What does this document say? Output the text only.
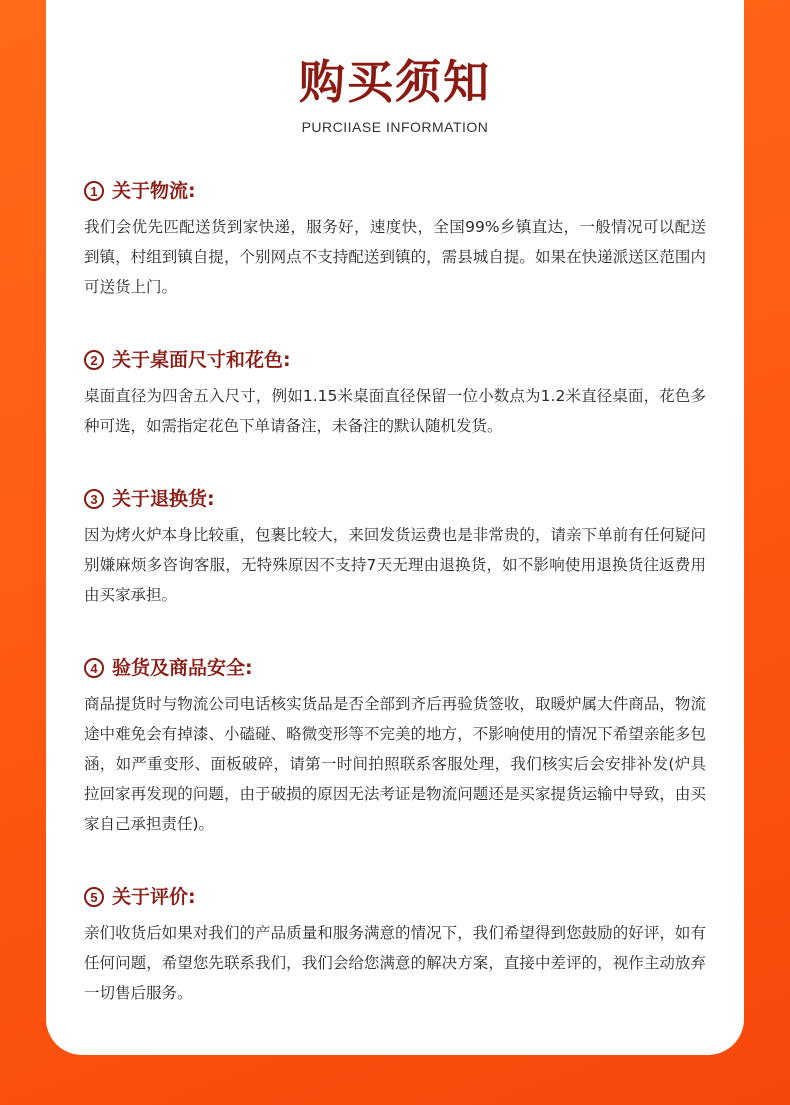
购买须知
PURCIIASE INFORMATION
1 关于物流:

我们会优先匹配送货到家快递，服务好，速度快，全国99%乡镇直达，一般情况可以配送到镇，村组到镇自提，个别网点不支持配送到镇的，需县城自提。如果在快递派送区范围内可送货上门。

2 关于桌面尺寸和花色:

桌面直径为四舍五入尺寸，例如1.15米桌面直径保留一位小数点为1.2米直径桌面，花色多种可选，如需指定花色下单请备注，未备注的默认随机发货。

3 关于退换货:

因为烤火炉本身比较重，包裹比较大，来回发货运费也是非常贵的，请亲下单前有任何疑问别嫌麻烦多咨询客服，无特殊原因不支持7天无理由退换货，如不影响使用退换货往返费用由买家承担。

4 验货及商品安全:

商品提货时与物流公司电话核实货品是否全部到齐后再验货签收，取暖炉属大件商品，物流途中难免会有掉漆、小磕碰、略微变形等不完美的地方，不影响使用的情况下希望亲能多包涵，如严重变形、面板破碎，请第一时间拍照联系客服处理，我们核实后会安排补发(炉具拉回家再发现的问题，由于破损的原因无法考证是物流问题还是买家提货运输中导致，由买家自己承担责任)。

5 关于评价:

亲们收货后如果对我们的产品质量和服务满意的情况下，我们希望得到您鼓励的好评，如有任何问题，希望您先联系我们，我们会给您满意的解决方案，直接中差评的，视作主动放弃一切售后服务。
